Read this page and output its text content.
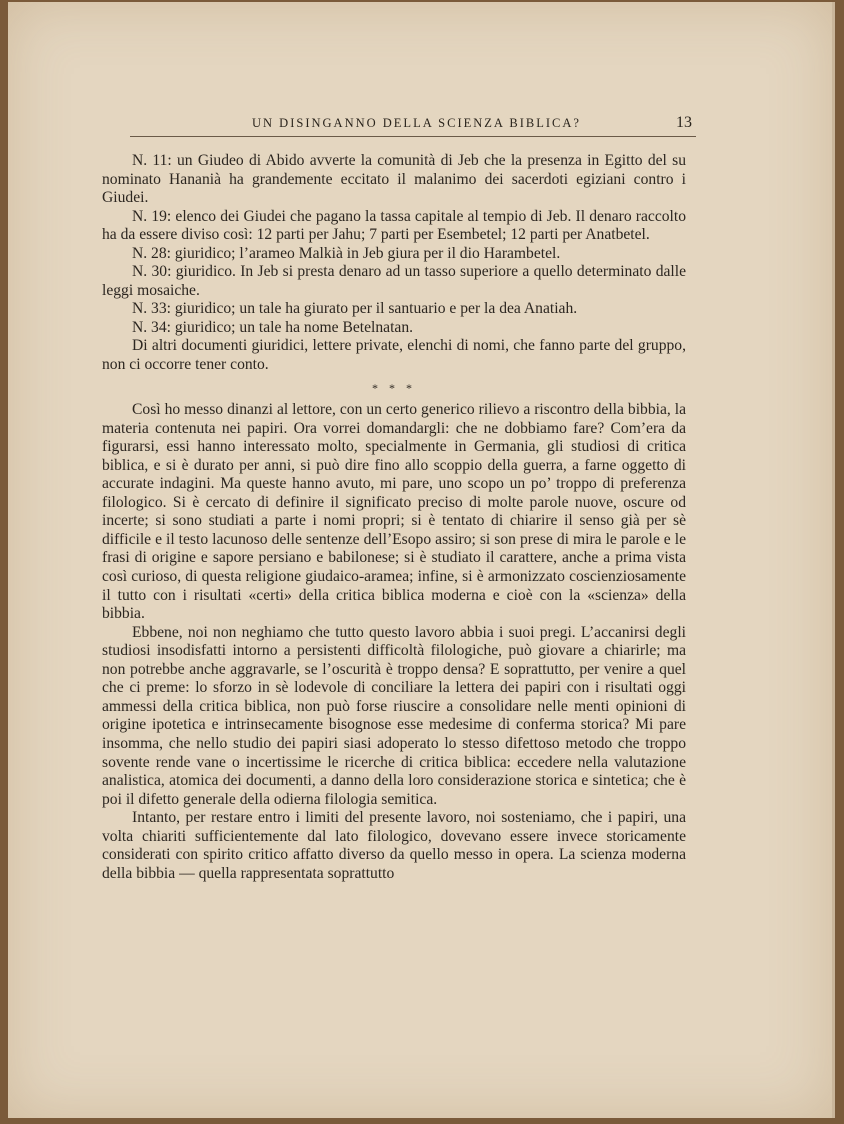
UN DISINGANNO DELLA SCIENZA BIBLICA?	13

N. 11: un Giudeo di Abido avverte la comunità di Jeb che la presenza in Egitto del su nominato Hananià ha grandemente eccitato il malanimo dei sacerdoti egiziani contro i Giudei.

N. 19: elenco dei Giudei che pagano la tassa capitale al tempio di Jeb. Il denaro raccolto ha da essere diviso così: 12 parti per Jahu; 7 parti per Esembetel; 12 parti per Anatbetel.

N. 28: giuridico; l’arameo Malkià in Jeb giura per il dio Harambetel.

N. 30: giuridico. In Jeb si presta denaro ad un tasso superiore a quello determinato dalle leggi mosaiche.

N. 33: giuridico; un tale ha giurato per il santuario e per la dea Anatiah.

N. 34: giuridico; un tale ha nome Betelnatan.

Di altri documenti giuridici, lettere private, elenchi di nomi, che fanno parte del gruppo, non ci occorre tener conto.

* * *

Così ho messo dinanzi al lettore, con un certo generico rilievo a riscontro della bibbia, la materia contenuta nei papiri. Ora vorrei domandargli: che ne dobbiamo fare? Com’era da figurarsi, essi hanno interessato molto, specialmente in Germania, gli studiosi di critica biblica, e si è durato per anni, si può dire fino allo scoppio della guerra, a farne oggetto di accurate indagini. Ma queste hanno avuto, mi pare, uno scopo un po’ troppo di preferenza filologico. Si è cercato di definire il significato preciso di molte parole nuove, oscure od incerte; si sono studiati a parte i nomi propri; si è tentato di chiarire il senso già per sè difficile e il testo lacunoso delle sentenze dell’Esopo assiro; si son prese di mira le parole e le frasi di origine e sapore persiano e babilonese; si è studiato il carattere, anche a prima vista così curioso, di questa religione giudaico-aramea; infine, si è armonizzato coscienziosamente il tutto con i risultati «certi» della critica biblica moderna e cioè con la «scienza» della bibbia.

Ebbene, noi non neghiamo che tutto questo lavoro abbia i suoi pregi. L’accanirsi degli studiosi insodisfatti intorno a persistenti difficoltà filologiche, può giovare a chiarirle; ma non potrebbe anche aggravarle, se l’oscurità è troppo densa? E soprattutto, per venire a quel che ci preme: lo sforzo in sè lodevole di conciliare la lettera dei papiri con i risultati oggi ammessi della critica biblica, non può forse riuscire a consolidare nelle menti opinioni di origine ipotetica e intrinsecamente bisognose esse medesime di conferma storica? Mi pare insomma, che nello studio dei papiri siasi adoperato lo stesso difettoso metodo che troppo sovente rende vane o incertissime le ricerche di critica biblica: eccedere nella valutazione analistica, atomica dei documenti, a danno della loro considerazione storica e sintetica; che è poi il difetto generale della odierna filologia semitica.

Intanto, per restare entro i limiti del presente lavoro, noi sosteniamo, che i papiri, una volta chiariti sufficientemente dal lato filologico, dovevano essere invece storicamente considerati con spirito critico affatto diverso da quello messo in opera. La scienza moderna della bibbia — quella rappresentata soprattutto
